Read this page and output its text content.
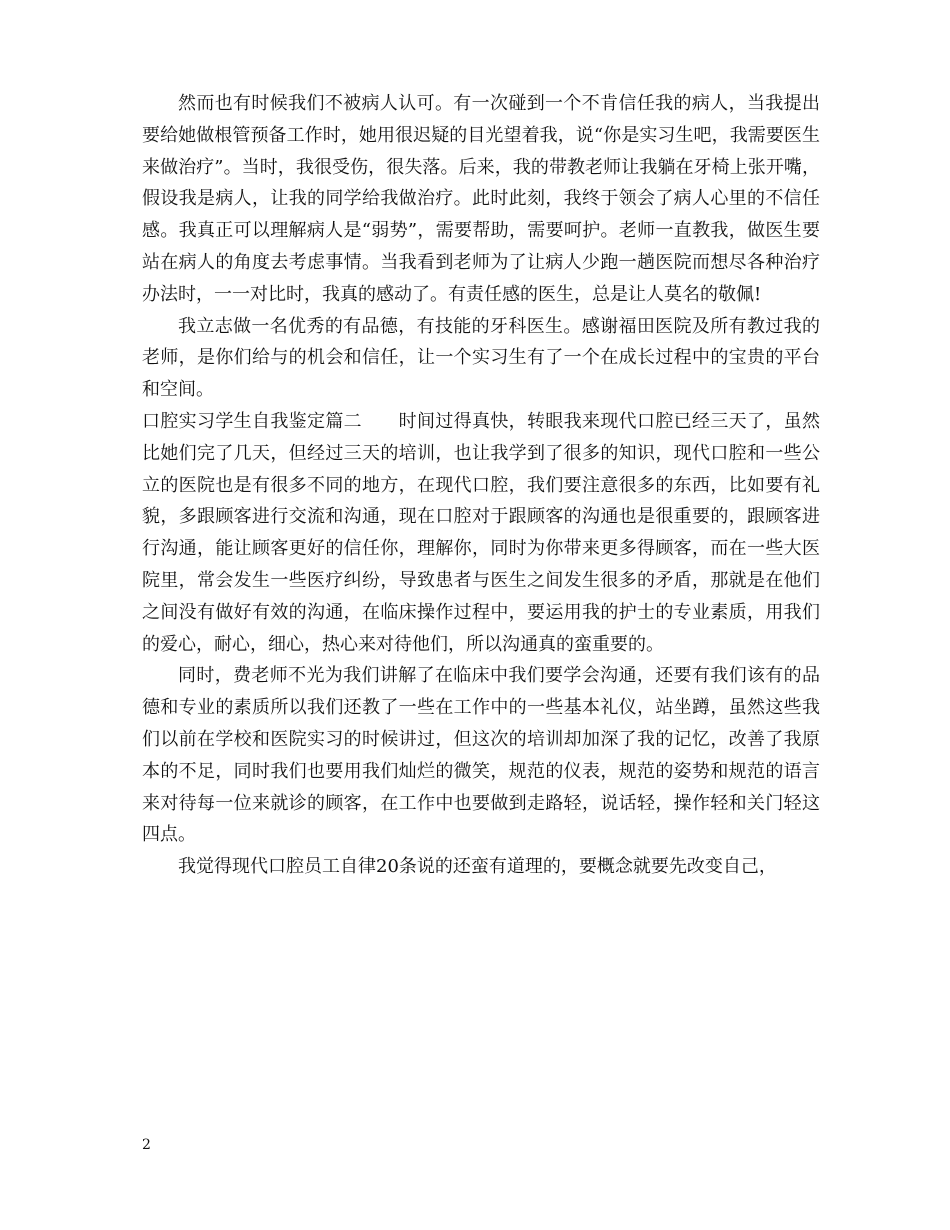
然而也有时候我们不被病人认可。有一次碰到一个不肯信任我的病人，当我提出要给她做根管预备工作时，她用很迟疑的目光望着我，说“你是实习生吧，我需要医生来做治疗”。当时，我很受伤，很失落。后来，我的带教老师让我躺在牙椅上张开嘴，假设我是病人，让我的同学给我做治疗。此时此刻，我终于领会了病人心里的不信任感。我真正可以理解病人是“弱势”，需要帮助，需要呵护。老师一直教我，做医生要站在病人的角度去考虑事情。当我看到老师为了让病人少跑一趟医院而想尽各种治疗办法时，一一对比时，我真的感动了。有责任感的医生，总是让人莫名的敬佩!

我立志做一名优秀的有品德，有技能的牙科医生。感谢福田医院及所有教过我的老师，是你们给与的机会和信任，让一个实习生有了一个在成长过程中的宝贵的平台和空间。

口腔实习学生自我鉴定篇二　　时间过得真快，转眼我来现代口腔已经三天了，虽然比她们完了几天，但经过三天的培训，也让我学到了很多的知识，现代口腔和一些公立的医院也是有很多不同的地方，在现代口腔，我们要注意很多的东西，比如要有礼貌，多跟顾客进行交流和沟通，现在口腔对于跟顾客的沟通也是很重要的，跟顾客进行沟通，能让顾客更好的信任你，理解你，同时为你带来更多得顾客，而在一些大医院里，常会发生一些医疗纠纷，导致患者与医生之间发生很多的矛盾，那就是在他们之间没有做好有效的沟通，在临床操作过程中，要运用我的护士的专业素质，用我们的爱心，耐心，细心，热心来对待他们，所以沟通真的蛮重要的。

同时，费老师不光为我们讲解了在临床中我们要学会沟通，还要有我们该有的品德和专业的素质所以我们还教了一些在工作中的一些基本礼仪，站坐蹲，虽然这些我们以前在学校和医院实习的时候讲过，但这次的培训却加深了我的记忆，改善了我原本的不足，同时我们也要用我们灿烂的微笑，规范的仪表，规范的姿势和规范的语言来对待每一位来就诊的顾客，在工作中也要做到走路轻，说话轻，操作轻和关门轻这四点。

我觉得现代口腔员工自律20条说的还蛮有道理的，要概念就要先改变自己，

2
